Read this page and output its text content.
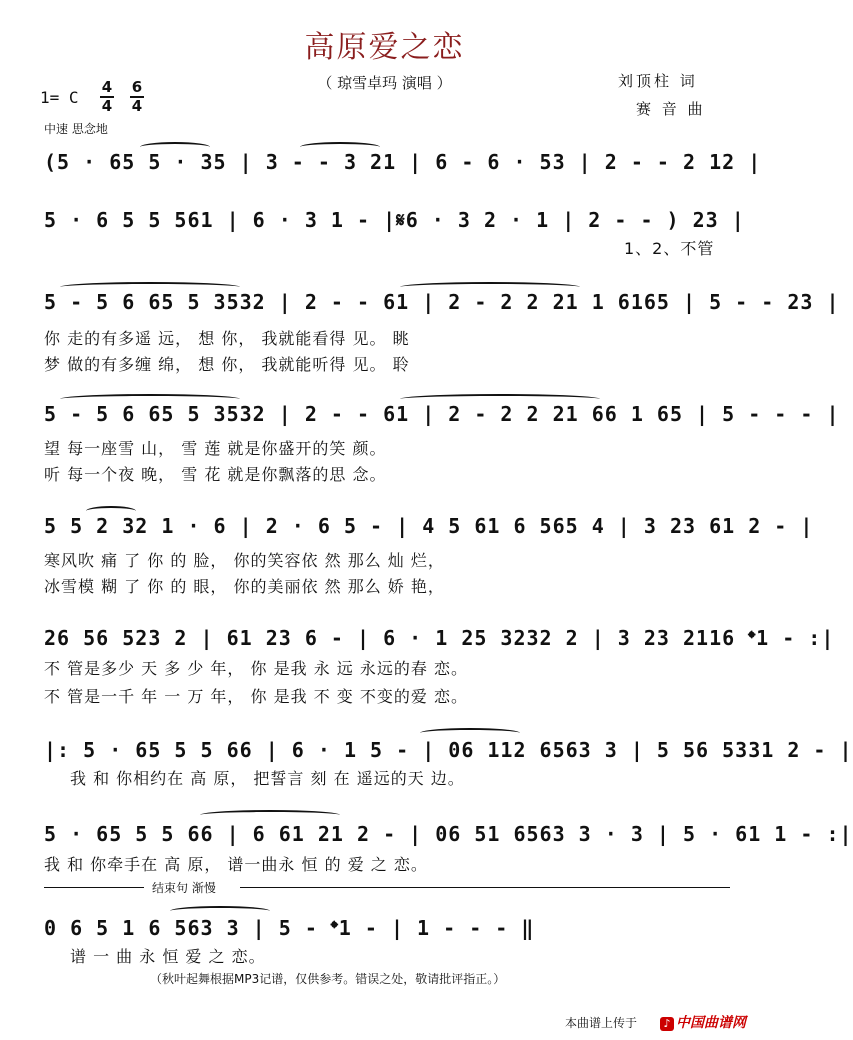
高原爱之恋
（ 琼雪卓玛 演唱 ）	刘顶柱 词
赛 音 曲
1= C
4
4
6
4
中速 思念地
(5 · 65 5 · 35 | 3 - - 3 21 | 6 - 6 · 53 | 2 - - 2 12 |
5 · 6 5 5 561 | 6 · 3 1 - |𝄋6 · 3 2 · 1 | 2 - - ) 23 |
1、2、不管
5 - 5 6 65 5 3532 | 2 - - 61 | 2 - 2 2 21 1 6165 | 5 - - 23 |
你 走的有多遥 远， 想 你， 我就能看得 见。 眺
梦 做的有多缠 绵， 想 你， 我就能听得 见。 聆
5 - 5 6 65 5 3532 | 2 - - 61 | 2 - 2 2 21 66 1 65 | 5 - - - |
望 每一座雪 山， 雪 莲 就是你盛开的笑 颜。
听 每一个夜 晚， 雪 花 就是你飘落的思 念。
5 5 2 32 1 · 6 | 2 · 6 5 - | 4 5 61 6 565 4 | 3 23 61 2 - |
寒风吹 痛 了 你 的 脸， 你的笑容依 然 那么 灿 烂，
冰雪模 糊 了 你 的 眼， 你的美丽依 然 那么 娇 艳，
26 56 523 2 | 61 23 6 - | 6 · 1 25 3232 2 | 3 23 2116 𝄌1 - :|
不 管是多少 天 多 少 年， 你 是我 永 远 永远的春 恋。
不 管是一千 年 一 万 年， 你 是我 不 变 不变的爱 恋。
|: 5 · 65 5 5 66 | 6 · 1 5 - | 06 112 6563 3 | 5 56 5331 2 - |
我 和 你相约在 高 原， 把誓言 刻 在 遥远的天 边。
5 · 65 5 5 66 | 6 61 21 2 - | 06 51 6563 3 · 3 | 5 · 61 1 - :|
我 和 你牵手在 高 原， 谱一曲永 恒 的 爱 之 恋。
结束句 渐慢
0 6 5 1 6 563 3 | 5 - 𝄌1 - | 1 - - - ‖
谱 一 曲 永 恒 爱 之 恋。
（秋叶起舞根据MP3记谱，仅供参考。错误之处，敬请批评指正。）
本曲谱上传于	♪ 中国曲谱网
